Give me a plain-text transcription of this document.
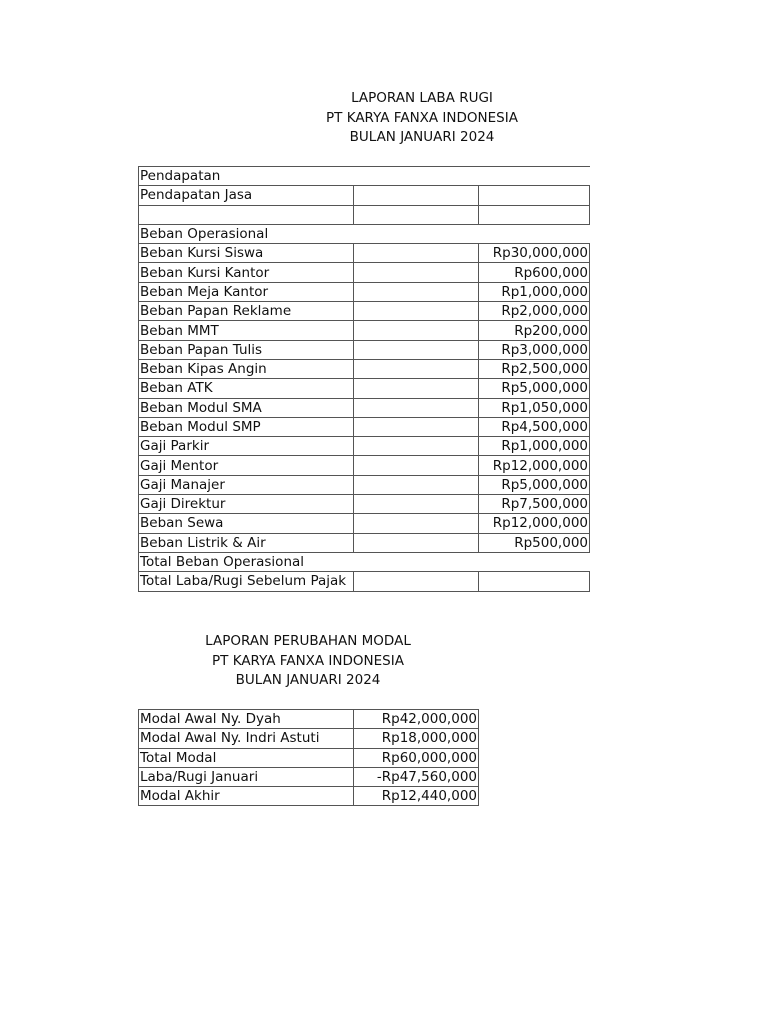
LAPORAN LABA RUGI
PT KARYA FANXA INDONESIA
BULAN JANUARI 2024
Pendapatan		
Pendapatan Jasa		

Beban Operasional		
Beban Kursi Siswa		Rp30,000,000
Beban Kursi Kantor		Rp600,000
Beban Meja Kantor		Rp1,000,000
Beban Papan Reklame		Rp2,000,000
Beban MMT		Rp200,000
Beban Papan Tulis		Rp3,000,000
Beban Kipas Angin		Rp2,500,000
Beban ATK		Rp5,000,000
Beban Modul SMA		Rp1,050,000
Beban Modul SMP		Rp4,500,000
Gaji Parkir		Rp1,000,000
Gaji Mentor		Rp12,000,000
Gaji Manajer		Rp5,000,000
Gaji Direktur		Rp7,500,000
Beban Sewa		Rp12,000,000
Beban Listrik & Air		Rp500,000
Total Beban Operasional		
Total Laba/Rugi Sebelum Pajak		
LAPORAN PERUBAHAN MODAL
PT KARYA FANXA INDONESIA
BULAN JANUARI 2024
Modal Awal Ny. Dyah	Rp42,000,000
Modal Awal Ny. Indri Astuti	Rp18,000,000
Total Modal	Rp60,000,000
Laba/Rugi Januari	-Rp47,560,000
Modal Akhir	Rp12,440,000
